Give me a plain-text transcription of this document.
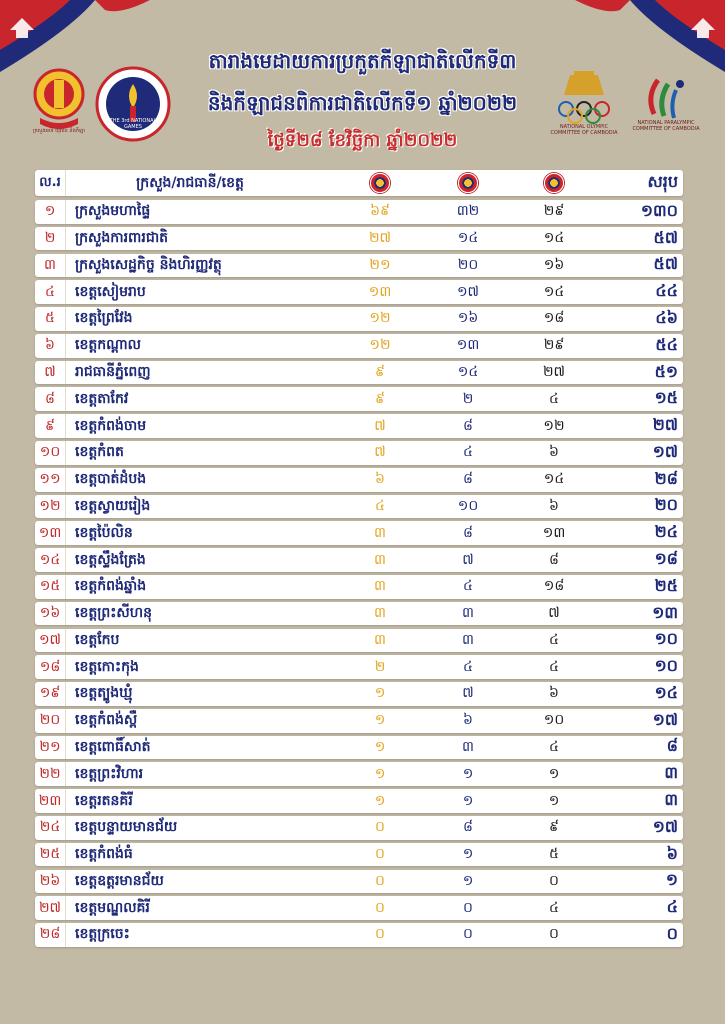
ក្រសួងអប់រំ យុវជន និងកីឡា
THE 3rd NATIONAL GAMES
តារាងមេដាយការប្រកួតកីឡាជាតិលើកទី៣
និងកីឡាជនពិការជាតិលើកទី១ ឆ្នាំ២០២២
ថ្ងៃទី២៨ ខែវិច្ឆិកា ឆ្នាំ២០២២
NATIONAL OLYMPIC COMMITTEE OF CAMBODIA
NATIONAL PARALYMPIC COMMITTEE OF CAMBODIA
ល.រ	ក្រសួង/រាជធានី/ខេត្ត	សរុប
១	ក្រសួងមហាផ្ទៃ	៦៩	៣២	២៩	១៣០
២	ក្រសួងការពារជាតិ	២៧	១៤	១៤	៥៧
៣	ក្រសួងសេដ្ឋកិច្ច និងហិរញ្ញវត្ថុ	២១	២០	១៦	៥៧
៤	ខេត្តសៀមរាប	១៣	១៧	១៤	៤៤
៥	ខេត្តព្រៃវែង	១២	១៦	១៨	៤៦
៦	ខេត្តកណ្ដាល	១២	១៣	២៩	៥៤
៧	រាជធានីភ្នំពេញ	៩	១៤	២៧	៥១
៨	ខេត្តតាកែវ	៩	២	៤	១៥
៩	ខេត្តកំពង់ចាម	៧	៨	១២	២៧
១០	ខេត្តកំពត	៧	៤	៦	១៧
១១	ខេត្តបាត់ដំបង	៦	៨	១៤	២៨
១២	ខេត្តស្វាយរៀង	៤	១០	៦	២០
១៣ ខេត្តប៉ៃលិន	៣	៨	១៣	២៤
១៤	ខេត្តស្ទឹងត្រែង	៣	៧	៨	១៨
១៥	ខេត្តកំពង់ឆ្នាំង	៣	៤	១៨	២៥
១៦	ខេត្តព្រះសីហនុ	៣	៣	៧	១៣
១៧ ខេត្តកែប	៣	៣	៤	១០
១៨	ខេត្តកោះកុង	២	៤	៤	១០
១៩	ខេត្តត្បូងឃ្មុំ	១	៧	៦	១៤
២០	ខេត្តកំពង់ស្ពឺ	១	៦	១០	១៧
២១	ខេត្តពោធិ៍សាត់	១	៣	៤	៨
២២	ខេត្តព្រះវិហារ	១	១	១	៣
២៣ ខេត្តរតនគិរី	១	១	១	៣
២៤	ខេត្តបន្ទាយមានជ័យ	០	៨	៩	១៧
២៥	ខេត្តកំពង់ធំ	០	១	៥	៦
២៦	ខេត្តឧត្តរមានជ័យ	០	១	០	១
២៧ ខេត្តមណ្ឌលគិរី	០	០	៤	៤
២៨	ខេត្តក្រចេះ	០	០	០	០
